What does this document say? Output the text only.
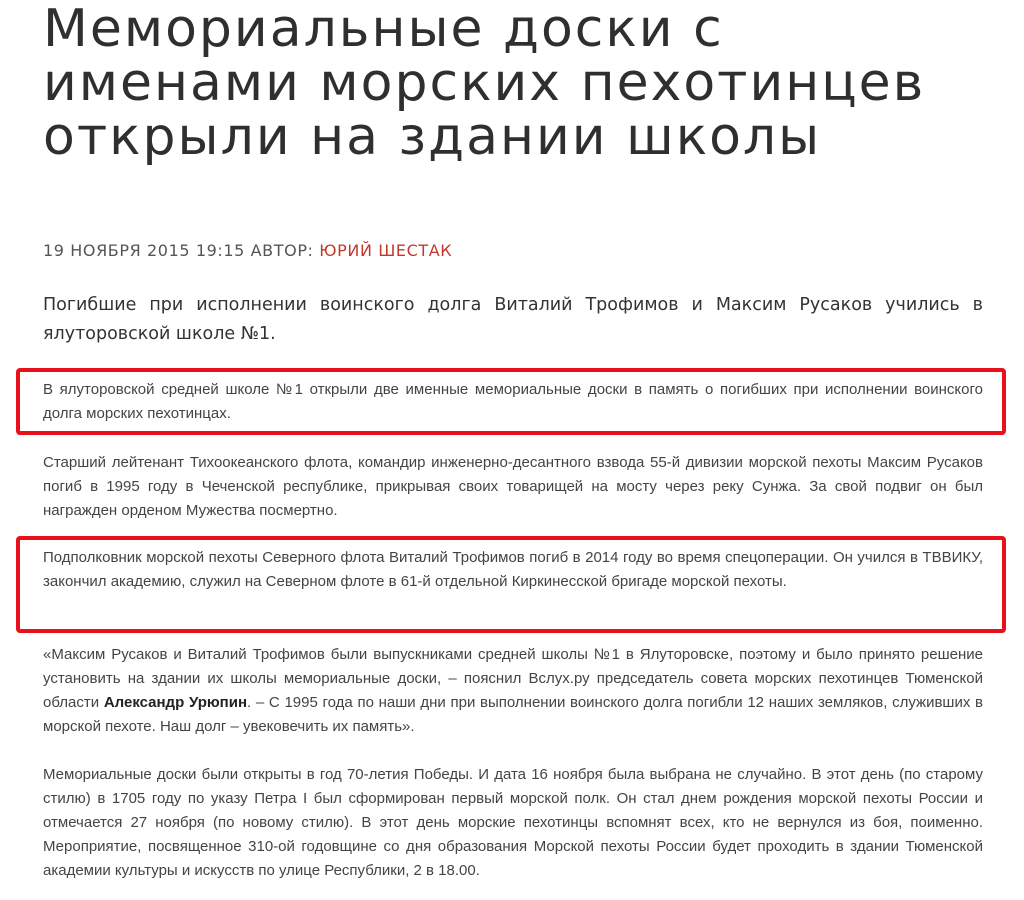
Мемориальные доски с именами морских пехотинцев открыли на здании школы
19 НОЯБРЯ 2015 19:15 АВТОР: ЮРИЙ ШЕСТАК

Погибшие при исполнении воинского долга Виталий Трофимов и Максим Русаков учились в ялуторовской школе №1.

В ялуторовской средней школе №1 открыли две именные мемориальные доски в память о погибших при исполнении воинского долга морских пехотинцах.

Старший лейтенант Тихоокеанского флота, командир инженерно-десантного взвода 55-й дивизии морской пехоты Максим Русаков погиб в 1995 году в Чеченской республике, прикрывая своих товарищей на мосту через реку Сунжа. За свой подвиг он был награжден орденом Мужества посмертно.

Подполковник морской пехоты Северного флота Виталий Трофимов погиб в 2014 году во время спецоперации. Он учился в ТВВИКУ, закончил академию, служил на Северном флоте в 61-й отдельной Киркинесской бригаде морской пехоты.

«Максим Русаков и Виталий Трофимов были выпускниками средней школы №1 в Ялуторовске, поэтому и было принято решение установить на здании их школы мемориальные доски, – пояснил Вслух.ру председатель совета морских пехотинцев Тюменской области Александр Урюпин. – С 1995 года по наши дни при выполнении воинского долга погибли 12 наших земляков, служивших в морской пехоте. Наш долг – увековечить их память».

Мемориальные доски были открыты в год 70-летия Победы. И дата 16 ноября была выбрана не случайно. В этот день (по старому стилю) в 1705 году по указу Петра I был сформирован первый морской полк. Он стал днем рождения морской пехоты России и отмечается 27 ноября (по новому стилю). В этот день морские пехотинцы вспомнят всех, кто не вернулся из боя, поименно. Мероприятие, посвященное 310-ой годовщине со дня образования Морской пехоты России будет проходить в здании Тюменской академии культуры и искусств по улице Республики, 2 в 18.00.
